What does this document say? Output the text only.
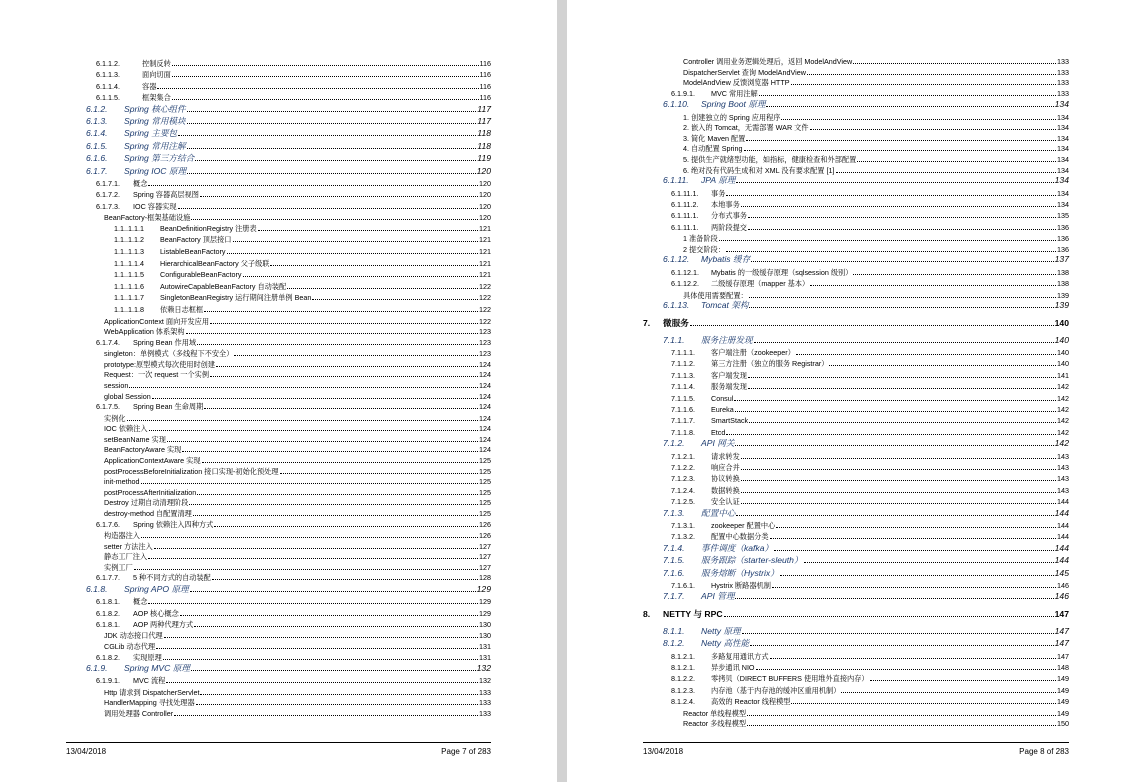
6.1.1.2.	控制反转	116
6.1.1.3.	面向切面	116
6.1.1.4.	容器	116
6.1.1.5.	框架集合	116
6.1.2.	Spring 核心组件	117
6.1.3.	Spring 常用模块	117
6.1.4.	Spring 主要包	118
6.1.5.	Spring 常用注解	118
6.1.6.	Spring 第三方结合	119
6.1.7.	Spring IOC 原理	120
6.1.7.1.	概念	120
6.1.7.2.	Spring 容器高层视图	120
6.1.7.3.	IOC 容器实现	120
BeanFactory-框架基础设施	120
1.1..1.1.1	BeanDefinitionRegistry 注册表	121
1.1..1.1.2	BeanFactory 顶层接口	121
1.1..1.1.3	ListableBeanFactory	121
1.1..1.1.4	HierarchicalBeanFactory 父子级联	121
1.1..1.1.5	ConfigurableBeanFactory	121
1.1..1.1.6	AutowireCapableBeanFactory 自动装配	122
1.1..1.1.7	SingletonBeanRegistry 运行期间注册单例 Bean	122
1.1..1.1.8	依赖日志框框	122
ApplicationContext 面向开发应用	122
WebApplication 体系架构	123
6.1.7.4.	Spring Bean 作用域	123
singleton：单例模式（多线程下不安全）	123
prototype:原型模式每次使用时创建	124
Request：一次 request 一个实例	124
session	124
global Session	124
6.1.7.5.	Spring Bean 生命周期	124
实例化	124
IOC 依赖注入	124
setBeanName 实现	124
BeanFactoryAware 实现	124
ApplicationContextAware 实现	125
postProcessBeforeInitialization 接口实现-初始化预处理	125
init-method	125
postProcessAfterInitialization	125
Destroy 过期自动清理阶段	125
destroy-method 自配置清理	125
6.1.7.6.	Spring 依赖注入四种方式	126
构造器注入	126
setter 方法注入	127
静态工厂注入	127
实例工厂	127
6.1.7.7.	5 种不同方式的自动装配	128
6.1.8.	Spring APO 原理	129
6.1.8.1.	概念	129
6.1.8.2.	AOP 核心概念	129
6.1.8.1.	AOP 两种代理方式	130
JDK 动态接口代理	130
CGLib 动态代理	131
6.1.8.2.	实现原理	131
6.1.9.	Spring MVC 原理	132
6.1.9.1.	MVC 流程	132
Http 请求到 DispatcherServlet	133
HandlerMapping 寻找处理器	133
调用处理器 Controller	133
13/04/2018	Page 7 of 283
Controller 调用业务逻辑处理后，返回 ModelAndView	133
DispatcherServlet 查询 ModelAndView	133
ModelAndView 反馈浏览器 HTTP	133
6.1.9.1.	MVC 常用注解	133
6.1.10.	Spring Boot 原理	134
1. 创建独立的 Spring 应用程序	134
2. 嵌入的 Tomcat，无需部署 WAR 文件	134
3. 简化 Maven 配置	134
4. 自动配置 Spring	134
5. 提供生产就绪型功能，如指标，健康检查和外部配置	134
6. 绝对没有代码生成和对 XML 没有要求配置 [1]	134
6.1.11.	JPA 原理	134
6.1.11.1.	事务	134
6.1.11.2.	本地事务	134
6.1.11.1.	分布式事务	135
6.1.11.1.	两阶段提交	136
1 准备阶段	136
2 提交阶段：	136
6.1.12.	Mybatis 缓存	137
6.1.12.1.	Mybatis 的一级缓存原理（sqlsession 级别）	138
6.1.12.2.	二级缓存原理（mapper 基本）	138
具体使用需要配置：	139
6.1.13.	Tomcat 架构	139
7.	微服务	140
7.1.1.	服务注册发现	140
7.1.1.1.	客户端注册（zookeeper）	140
7.1.1.2.	第三方注册（独立的服务 Registrar）	140
7.1.1.3.	客户端发现	141
7.1.1.4.	服务端发现	142
7.1.1.5.	Consul	142
7.1.1.6.	Eureka	142
7.1.1.7.	SmartStack	142
7.1.1.8.	Etcd	142
7.1.2.	API 网关	142
7.1.2.1.	请求转发	143
7.1.2.2.	响应合并	143
7.1.2.3.	协议转换	143
7.1.2.4.	数据转换	143
7.1.2.5.	安全认证	144
7.1.3.	配置中心	144
7.1.3.1.	zookeeper 配置中心	144
7.1.3.2.	配置中心数据分类	144
7.1.4.	事件调度（kafka）	144
7.1.5.	服务跟踪（starter-sleuth）	144
7.1.6.	服务熔断（Hystrix）	145
7.1.6.1.	Hystrix 断路器机制	146
7.1.7.	API 管理	146
8.	NETTY 与 RPC	147
8.1.1.	Netty 原理	147
8.1.2.	Netty 高性能	147
8.1.2.1.	多路复用通讯方式	147
8.1.2.1.	异步通讯 NIO	148
8.1.2.2.	零拷贝（DIRECT BUFFERS 使用堆外直接内存）	149
8.1.2.3.	内存池（基于内存池的缓冲区重用机制）	149
8.1.2.4.	高效的 Reactor 线程模型	149
Reactor 单线程模型	149
Reactor 多线程模型	150
13/04/2018	Page 8 of 283
